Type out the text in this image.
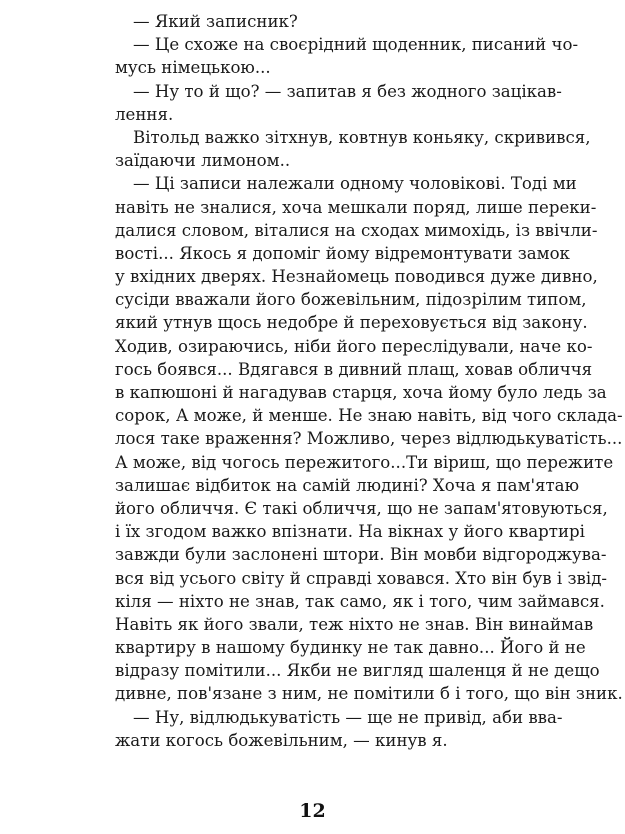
— Який записник?
— Це схоже на своєрідний щоденник, писаний чо-
мусь німецькою...
— Ну то й що? — запитав я без жодного зацікав-
лення.
Вітольд важко зітхнув, ковтнув коньяку, скривився,
заїдаючи лимоном..
— Ці записи належали одному чоловікові. Тоді ми
навіть не зналися, хоча мешкали поряд, лише переки-
далися словом, віталися на сходах мимохідь, із ввічли-
вості... Якось я допоміг йому відремонтувати замок
у вхідних дверях. Незнайомець поводився дуже дивно,
сусіди вважали його божевільним, підозрілим типом,
який утнув щось недобре й переховується від закону.
Ходив, озираючись, ніби його переслідували, наче ко-
гось боявся... Вдягався в дивний плащ, ховав обличчя
в капюшоні й нагадував старця, хоча йому було ледь за
сорок, А може, й менше. Не знаю навіть, від чого склада-
лося таке враження? Можливо, через відлюдькуватість...
А може, від чогось пережитого...Ти віриш, що пережите
залишає відбиток на самій людині? Хоча я пам'ятаю
його обличчя. Є такі обличчя, що не запам'ятовуються,
і їх згодом важко впізнати. На вікнах у його квартирі
завжди були заслонені штори. Він мовби відгороджува-
вся від усього світу й справді ховався. Хто він був і звід-
кіля — ніхто не знав, так само, як і того, чим займався.
Навіть як його звали, теж ніхто не знав. Він винаймав
квартиру в нашому будинку не так давно... Його й не
відразу помітили... Якби не вигляд шаленця й не дещо
дивне, пов'язане з ним, не помітили б і того, що він зник.
— Ну, відлюдькуватість — ще не привід, аби вва-
жати когось божевільним, — кинув я.
12
